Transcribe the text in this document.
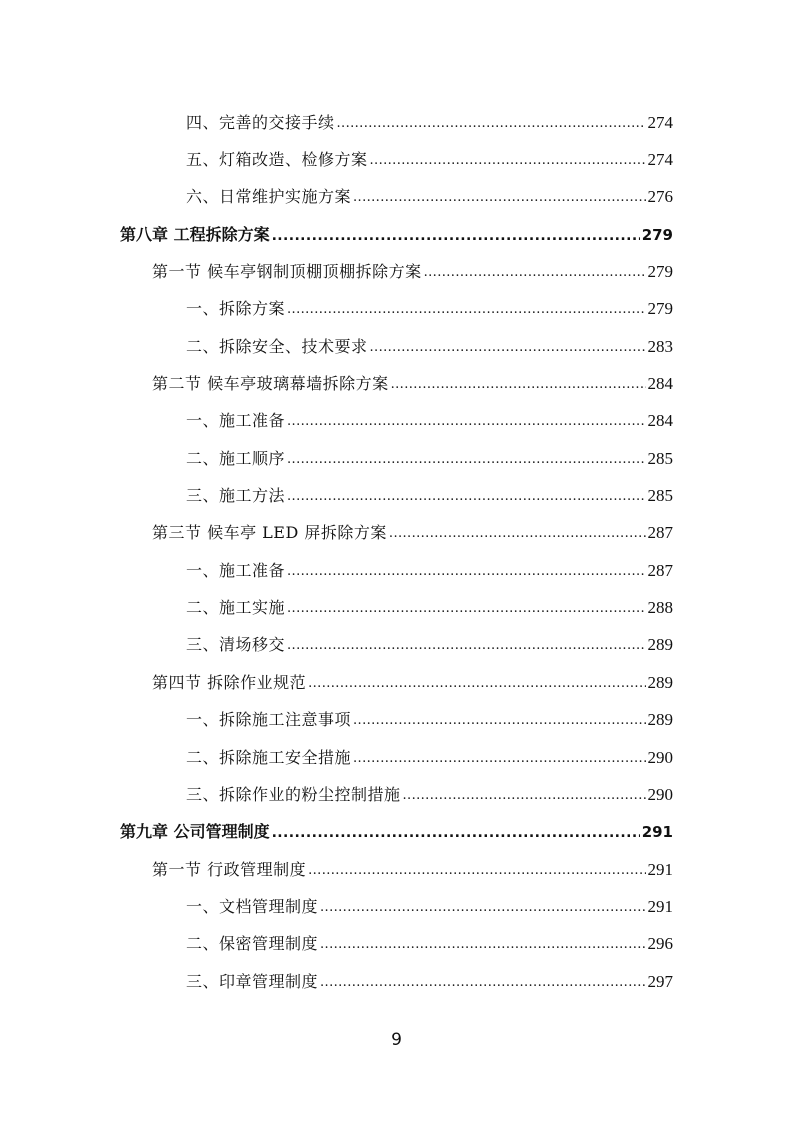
四、完善的交接手续 .....	274
五、灯箱改造、检修方案 .....	274
六、日常维护实施方案 .....	276
第八章 工程拆除方案 .....	279
第一节 候车亭钢制顶棚顶棚拆除方案 .....	279
一、拆除方案 .....	279
二、拆除安全、技术要求 .....	283
第二节 候车亭玻璃幕墙拆除方案 .....	284
一、施工准备 .....	284
二、施工顺序 .....	285
三、施工方法 .....	285
第三节 候车亭 LED 屏拆除方案 .....	287
一、施工准备 .....	287
二、施工实施 .....	288
三、清场移交 .....	289
第四节 拆除作业规范 .....	289
一、拆除施工注意事项 .....	289
二、拆除施工安全措施 .....	290
三、拆除作业的粉尘控制措施 .....	290
第九章 公司管理制度 .....	291
第一节 行政管理制度 .....	291
一、文档管理制度 .....	291
二、保密管理制度 .....	296
三、印章管理制度 .....	297
9
